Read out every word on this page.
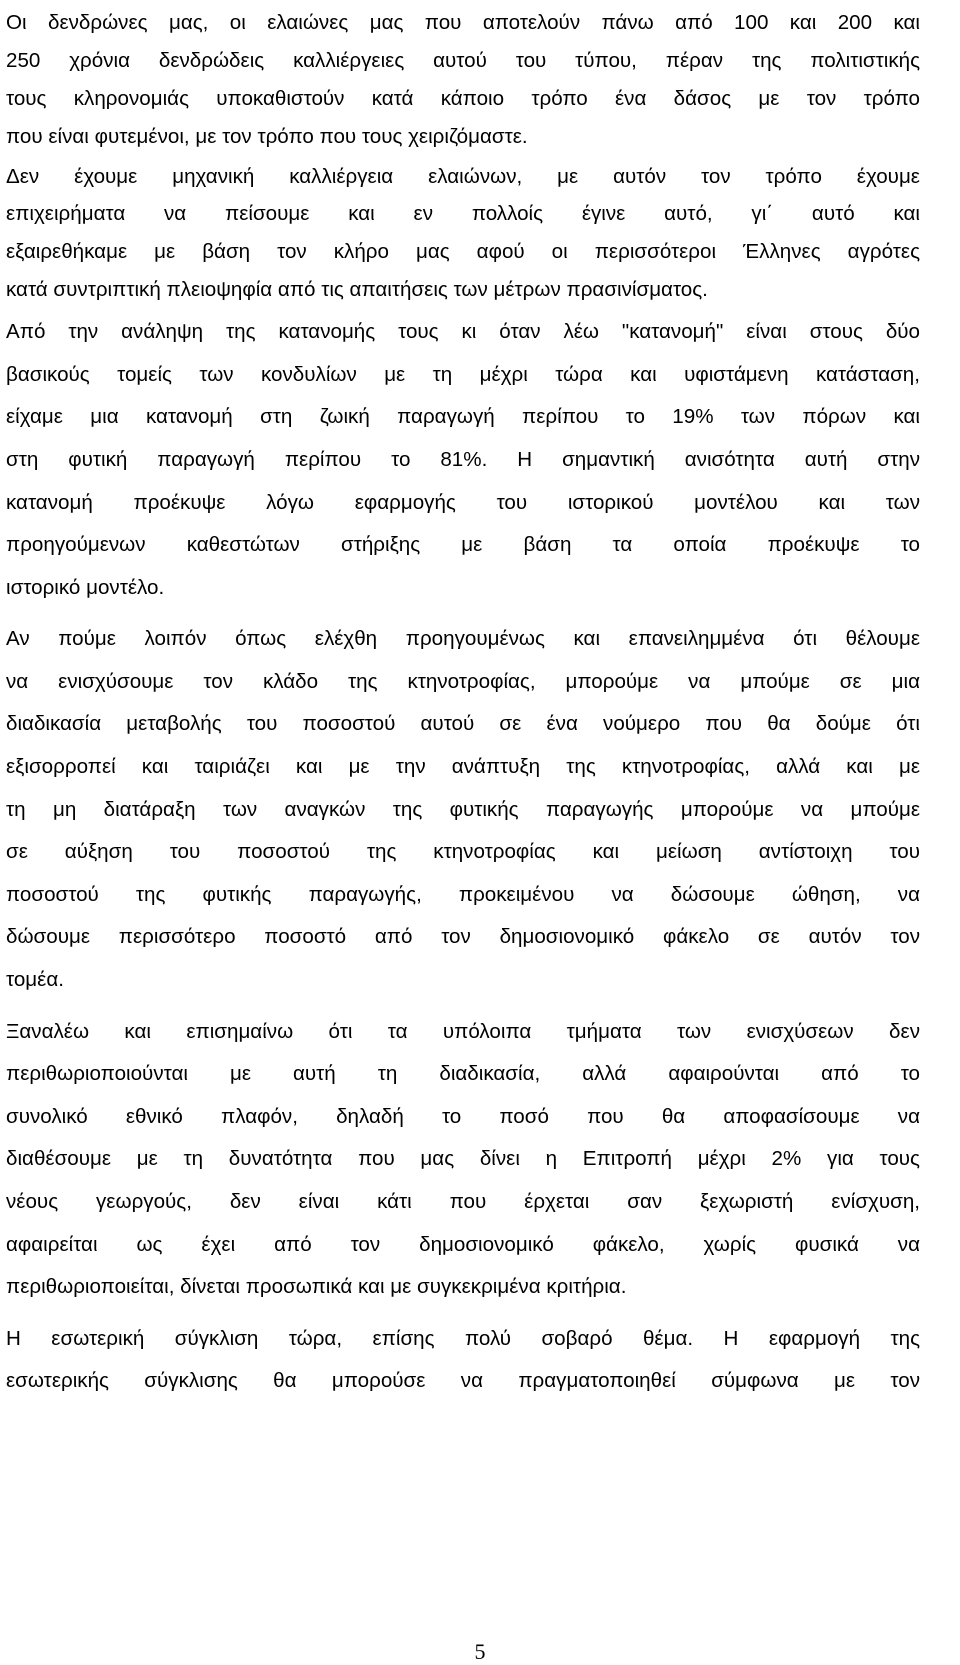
Οι δενδρώνες μας, οι ελαιώνες μας που αποτελούν πάνω από 100 και 200 και
250 χρόνια δενδρώδεις καλλιέργειες αυτού του τύπου, πέραν της πολιτιστικής
τους κληρονομιάς υποκαθιστούν κατά κάποιο τρόπο ένα δάσος με τον τρόπο
που είναι φυτεμένοι, με τον τρόπο που τους χειριζόμαστε.
Δεν έχουμε μηχανική καλλιέργεια ελαιώνων, με αυτόν τον τρόπο έχουμε
επιχειρήματα να πείσουμε και εν πολλοίς έγινε αυτό, γι΄ αυτό και
εξαιρεθήκαμε με βάση τον κλήρο μας αφού οι περισσότεροι Έλληνες αγρότες
κατά συντριπτική πλειοψηφία από τις απαιτήσεις των μέτρων πρασινίσματος.
Από την ανάληψη της κατανομής τους κι όταν λέω "κατανομή" είναι στους δύο
βασικούς τομείς των κονδυλίων με τη μέχρι τώρα και υφιστάμενη κατάσταση,
είχαμε μια κατανομή στη ζωική παραγωγή περίπου το 19% των πόρων και
στη φυτική παραγωγή περίπου το 81%. Η σημαντική ανισότητα αυτή στην
κατανομή προέκυψε λόγω εφαρμογής του ιστορικού μοντέλου και των
προηγούμενων καθεστώτων στήριξης με βάση τα οποία προέκυψε το
ιστορικό μοντέλο.
Αν πούμε λοιπόν όπως ελέχθη προηγουμένως και επανειλημμένα ότι θέλουμε
να ενισχύσουμε τον κλάδο της κτηνοτροφίας, μπορούμε να μπούμε σε μια
διαδικασία μεταβολής του ποσοστού αυτού σε ένα νούμερο που θα δούμε ότι
εξισορροπεί και ταιριάζει και με την ανάπτυξη της κτηνοτροφίας, αλλά και με
τη μη διατάραξη των αναγκών της φυτικής παραγωγής μπορούμε να μπούμε
σε αύξηση του ποσοστού της κτηνοτροφίας και μείωση αντίστοιχη του
ποσοστού της φυτικής παραγωγής, προκειμένου να δώσουμε ώθηση, να
δώσουμε περισσότερο ποσοστό από τον δημοσιονομικό φάκελο σε αυτόν τον
τομέα.
Ξαναλέω και επισημαίνω ότι τα υπόλοιπα τμήματα των ενισχύσεων δεν
περιθωριοποιούνται με αυτή τη διαδικασία, αλλά αφαιρούνται από το
συνολικό εθνικό πλαφόν, δηλαδή το ποσό που θα αποφασίσουμε να
διαθέσουμε με τη δυνατότητα που μας δίνει η Επιτροπή μέχρι 2% για τους
νέους γεωργούς, δεν είναι κάτι που έρχεται σαν ξεχωριστή ενίσχυση,
αφαιρείται ως έχει από τον δημοσιονομικό φάκελο, χωρίς φυσικά να
περιθωριοποιείται, δίνεται προσωπικά και με συγκεκριμένα κριτήρια.
Η εσωτερική σύγκλιση τώρα, επίσης πολύ σοβαρό θέμα. Η εφαρμογή της
εσωτερικής σύγκλισης θα μπορούσε να πραγματοποιηθεί σύμφωνα με τον
5
